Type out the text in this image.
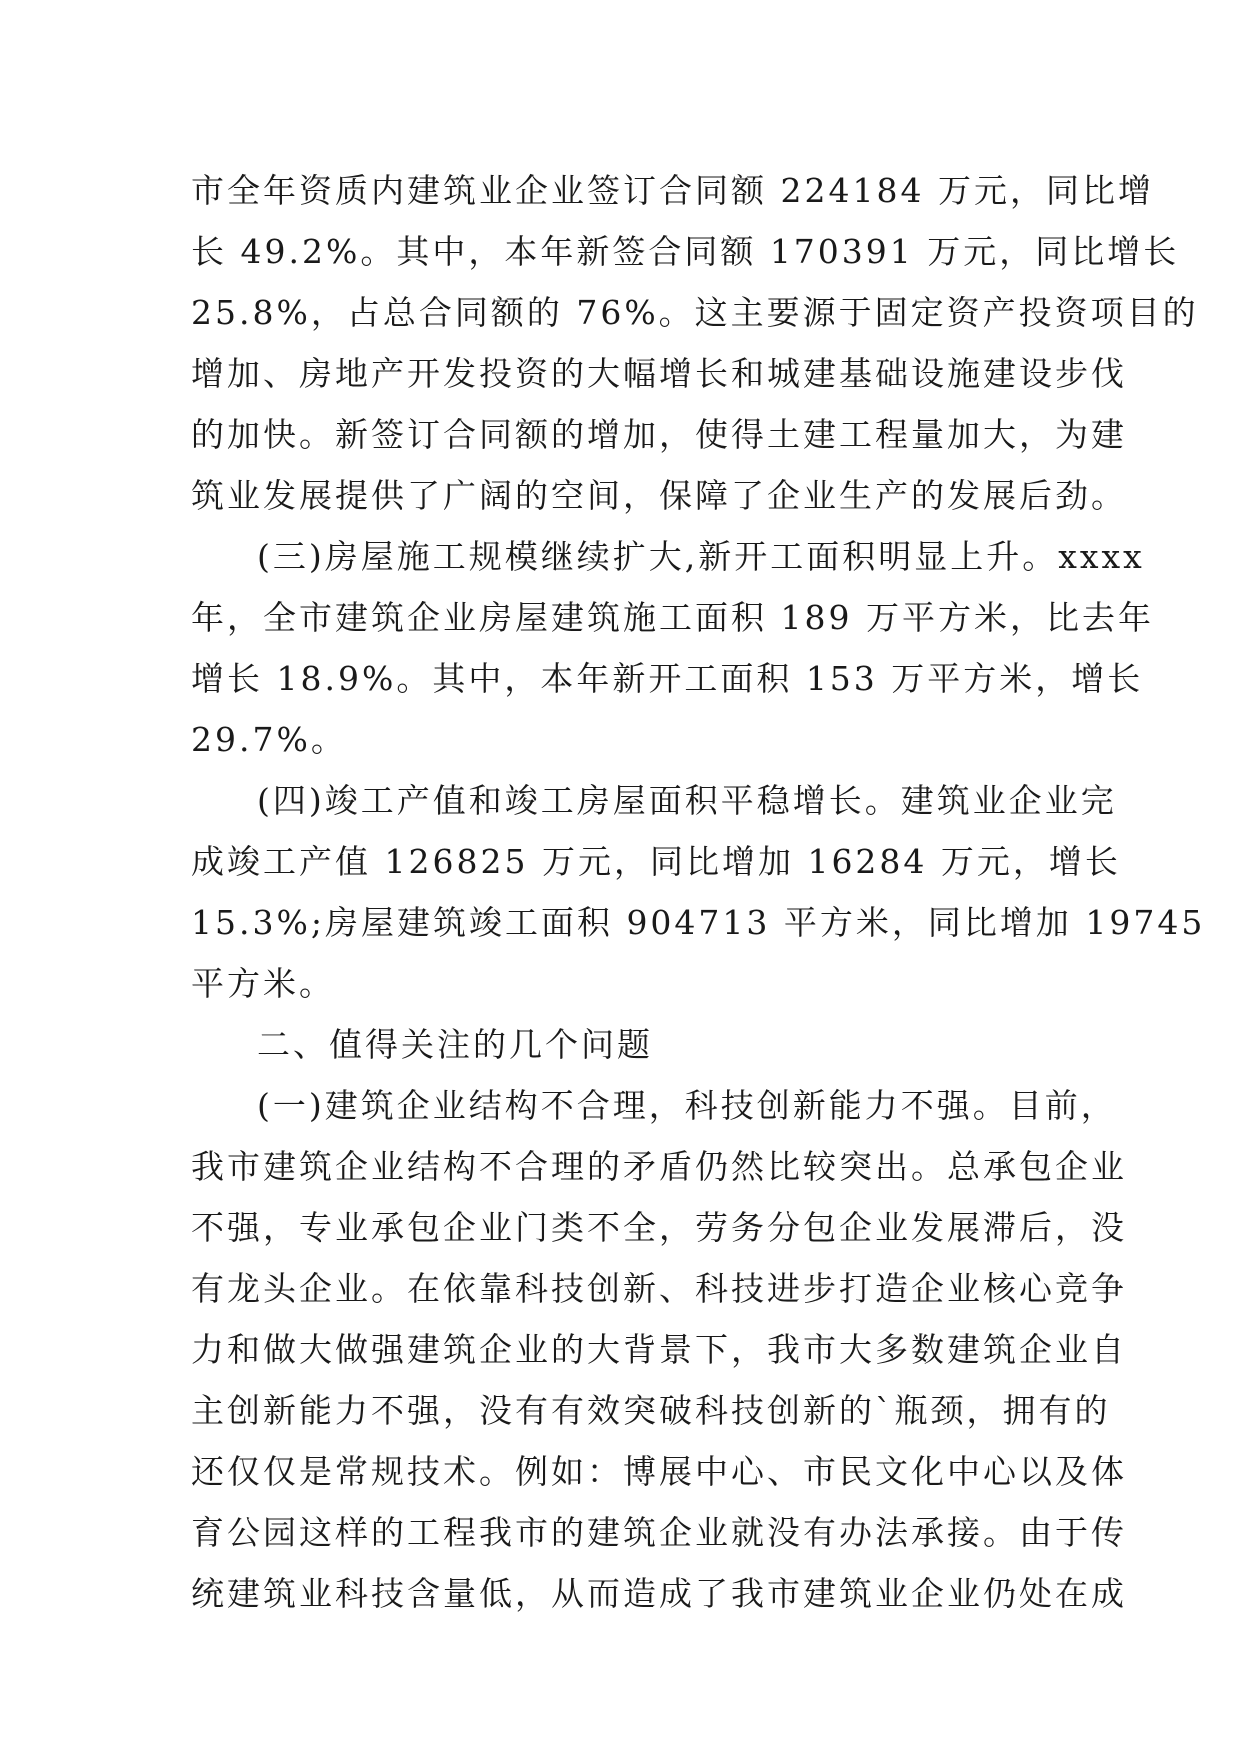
市全年资质内建筑业企业签订合同额 224184 万元，同比增
长 49.2%。其中，本年新签合同额 170391 万元，同比增长
25.8%，占总合同额的 76%。这主要源于固定资产投资项目的
增加、房地产开发投资的大幅增长和城建基础设施建设步伐
的加快。新签订合同额的增加，使得土建工程量加大，为建
筑业发展提供了广阔的空间，保障了企业生产的发展后劲。
(三)房屋施工规模继续扩大,新开工面积明显上升。xxxx
年，全市建筑企业房屋建筑施工面积 189 万平方米，比去年
增长 18.9%。其中，本年新开工面积 153 万平方米，增长
29.7%。
(四)竣工产值和竣工房屋面积平稳增长。建筑业企业完
成竣工产值 126825 万元，同比增加 16284 万元，增长
15.3%;房屋建筑竣工面积 904713 平方米，同比增加 19745
平方米。
二、值得关注的几个问题
(一)建筑企业结构不合理，科技创新能力不强。目前，
我市建筑企业结构不合理的矛盾仍然比较突出。总承包企业
不强，专业承包企业门类不全，劳务分包企业发展滞后，没
有龙头企业。在依靠科技创新、科技进步打造企业核心竞争
力和做大做强建筑企业的大背景下，我市大多数建筑企业自
主创新能力不强，没有有效突破科技创新的`瓶颈，拥有的
还仅仅是常规技术。例如：博展中心、市民文化中心以及体
育公园这样的工程我市的建筑企业就没有办法承接。由于传
统建筑业科技含量低，从而造成了我市建筑业企业仍处在成
